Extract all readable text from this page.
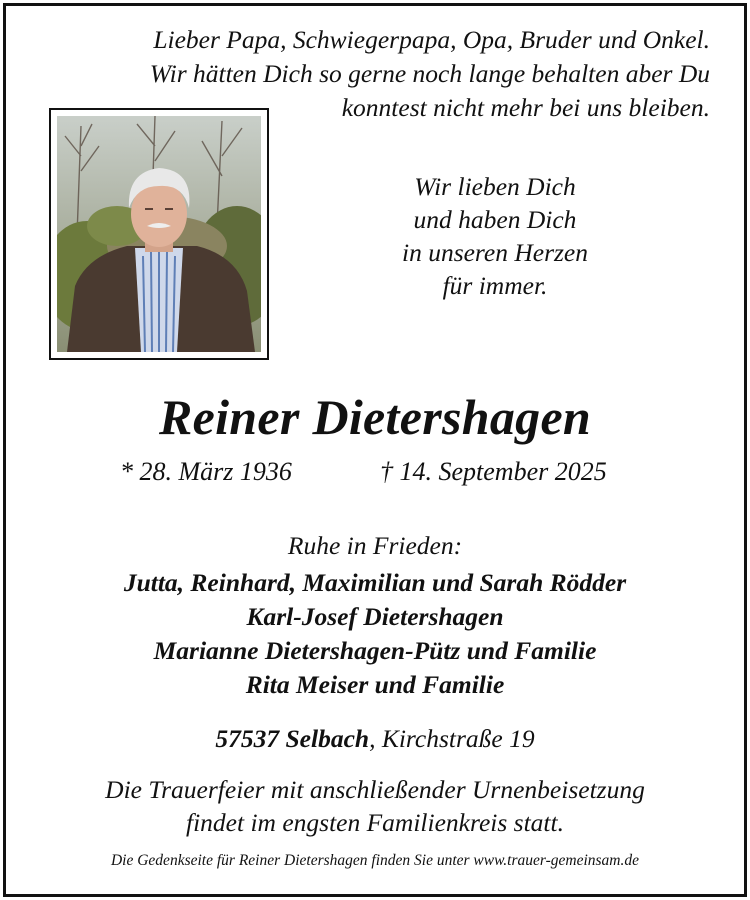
Lieber Papa, Schwiegerpapa, Opa, Bruder und Onkel.
Wir hätten Dich so gerne noch lange behalten aber Du
konntest nicht mehr bei uns bleiben.
Wir lieben Dich
und haben Dich
in unseren Herzen
für immer.
Reiner Dietershagen
* 28. März 1936	† 14. September 2025
Ruhe in Frieden:
Jutta, Reinhard, Maximilian und Sarah Rödder
Karl-Josef Dietershagen
Marianne Dietershagen-Pütz und Familie
Rita Meiser und Familie
57537 Selbach, Kirchstraße 19
Die Trauerfeier mit anschließender Urnenbeisetzung
findet im engsten Familienkreis statt.
Die Gedenkseite für Reiner Dietershagen finden Sie unter www.trauer-gemeinsam.de
